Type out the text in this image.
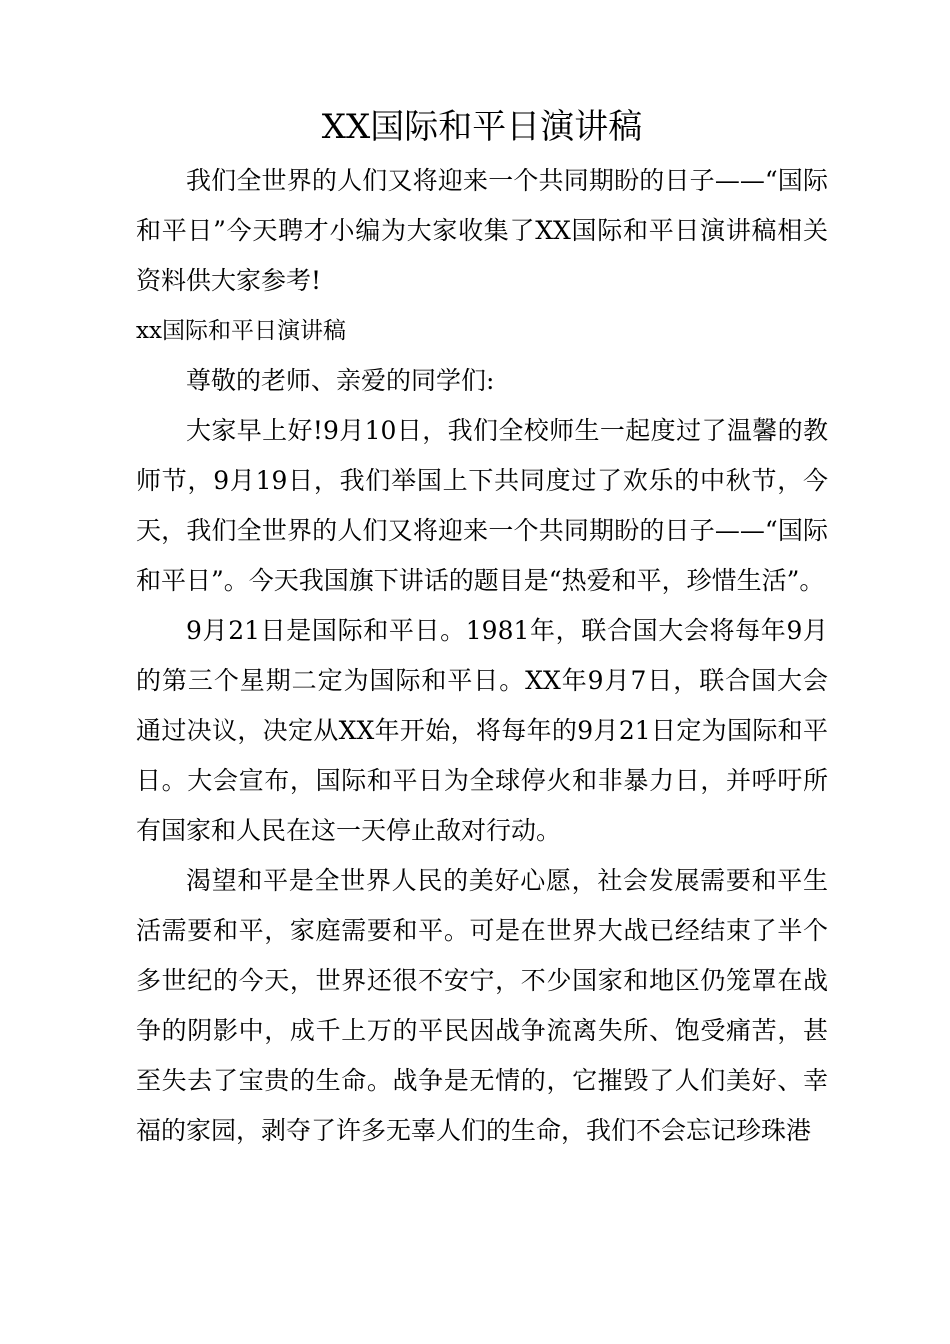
XX国际和平日演讲稿

我们全世界的人们又将迎来一个共同期盼的日子——“国际和平日”今天聘才小编为大家收集了XX国际和平日演讲稿相关资料供大家参考!

xx国际和平日演讲稿

尊敬的老师、亲爱的同学们:

大家早上好!9月10日，我们全校师生一起度过了温馨的教师节，9月19日，我们举国上下共同度过了欢乐的中秋节，今天，我们全世界的人们又将迎来一个共同期盼的日子——“国际和平日”。今天我国旗下讲话的题目是“热爱和平，珍惜生活”。

9月21日是国际和平日。1981年，联合国大会将每年9月的第三个星期二定为国际和平日。XX年9月7日，联合国大会通过决议，决定从XX年开始，将每年的9月21日定为国际和平日。大会宣布，国际和平日为全球停火和非暴力日，并呼吁所有国家和人民在这一天停止敌对行动。

渴望和平是全世界人民的美好心愿，社会发展需要和平生活需要和平，家庭需要和平。可是在世界大战已经结束了半个多世纪的今天，世界还很不安宁，不少国家和地区仍笼罩在战争的阴影中，成千上万的平民因战争流离失所、饱受痛苦，甚至失去了宝贵的生命。战争是无情的，它摧毁了人们美好、幸福的家园，剥夺了许多无辜人们的生命，我们不会忘记珍珠港
